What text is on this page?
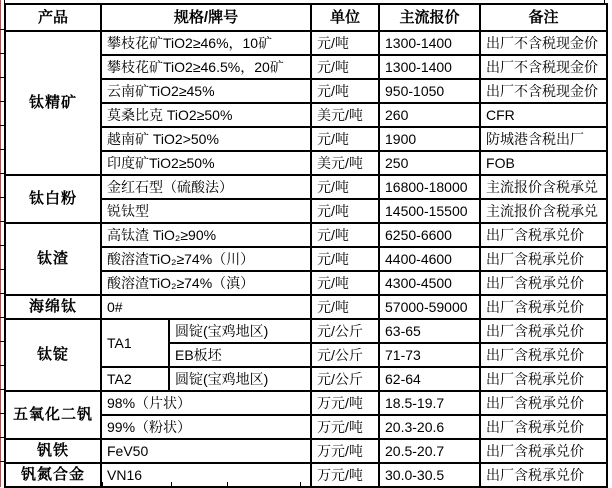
产品	规格/牌号		单位	主流报价	备注
钛精矿	攀枝花矿TiO2≥46%，10矿		元/吨	1300-1400	出厂不含税现金价
	攀枝花矿TiO2≥46.5%，20矿		元/吨	1300-1400	出厂不含税现金价
	云南矿TiO2≥45%		元/吨	950-1050	出厂不含税现金价
	莫桑比克 TiO2≥50%		美元/吨	260	CFR
	越南矿 TiO2>50%		元/吨	1900	防城港含税出厂
	印度矿TiO2≥50%		美元/吨	250	FOB
钛白粉	金红石型（硫酸法）		元/吨	16800-18000	主流报价含税承兑
	锐钛型		元/吨	14500-15500	主流报价含税承兑
钛渣	高钛渣 TiO₂≥90%		元/吨	6250-6600	出厂含税承兑价
	酸溶渣TiO₂≥74%（川）		元/吨	4400-4600	出厂含税承兑价
	酸溶渣TiO₂≥74%（滇）		元/吨	4300-4500	出厂含税承兑价
海绵钛	0#		元/吨	57000-59000	出厂含税承兑价
钛锭	TA1	圆锭(宝鸡地区)	元/公斤	63-65	出厂含税承兑价
		EB板坯	元/公斤	71-73	出厂含税承兑价
	TA2	圆锭(宝鸡地区)	元/公斤	62-64	出厂含税承兑价
五氧化二钒	98%（片状）		万元/吨	18.5-19.7	出厂含税承兑价
	99%（粉状）		万元/吨	20.3-20.6	出厂含税承兑价
钒铁	FeV50		万元/吨	20.5-20.7	出厂含税承兑价
钒氮合金	VN16		万元/吨	30.0-30.5	出厂含税承兑价
